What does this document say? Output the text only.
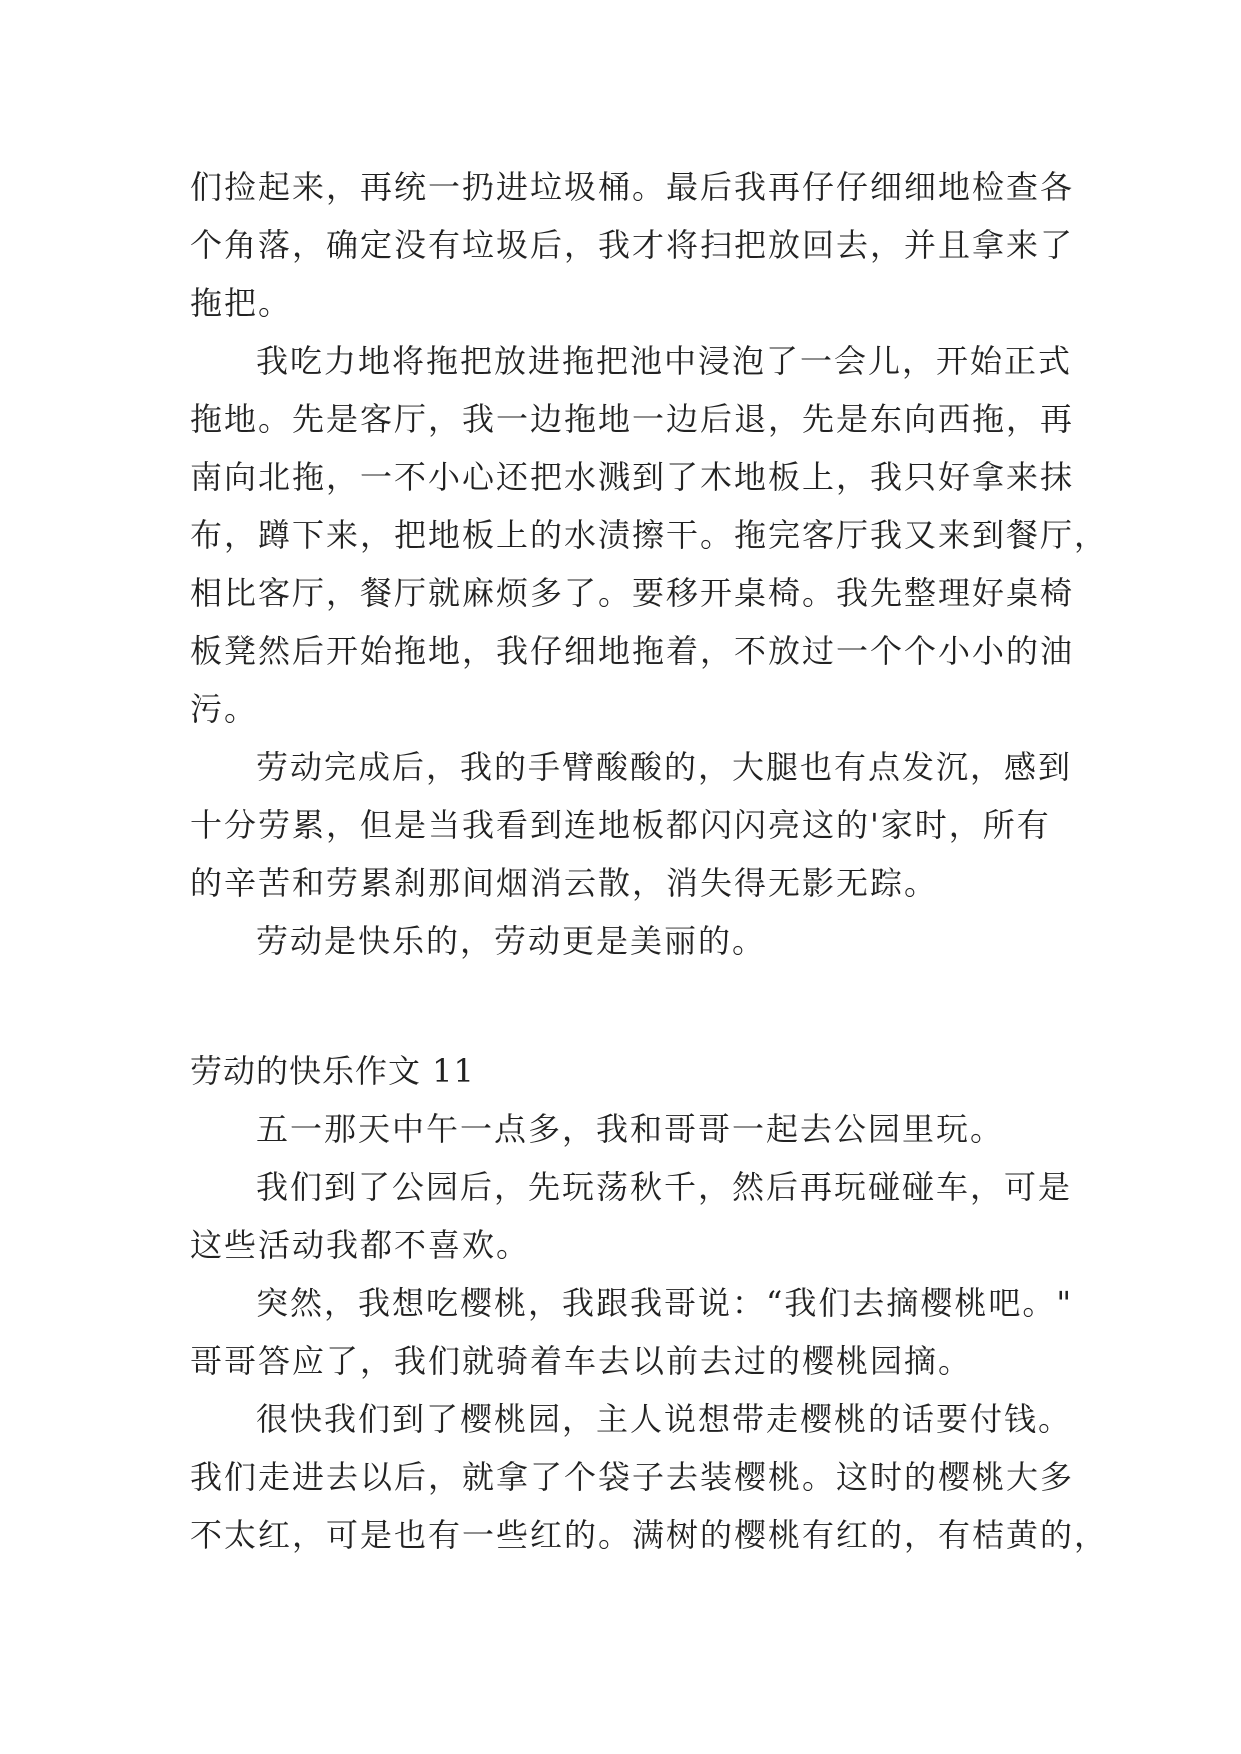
们捡起来，再统一扔进垃圾桶。最后我再仔仔细细地检查各
个角落，确定没有垃圾后，我才将扫把放回去，并且拿来了
拖把。
我吃力地将拖把放进拖把池中浸泡了一会儿，开始正式
拖地。先是客厅，我一边拖地一边后退，先是东向西拖，再
南向北拖，一不小心还把水溅到了木地板上，我只好拿来抹
布，蹲下来，把地板上的水渍擦干。拖完客厅我又来到餐厅，
相比客厅，餐厅就麻烦多了。要移开桌椅。我先整理好桌椅
板凳然后开始拖地，我仔细地拖着，不放过一个个小小的油
污。
劳动完成后，我的手臂酸酸的，大腿也有点发沉，感到
十分劳累，但是当我看到连地板都闪闪亮这的'家时，所有
的辛苦和劳累刹那间烟消云散，消失得无影无踪。
劳动是快乐的，劳动更是美丽的。
劳动的快乐作文 11
五一那天中午一点多，我和哥哥一起去公园里玩。
我们到了公园后，先玩荡秋千，然后再玩碰碰车，可是
这些活动我都不喜欢。
突然，我想吃樱桃，我跟我哥说：“我们去摘樱桃吧。"
哥哥答应了，我们就骑着车去以前去过的樱桃园摘。
很快我们到了樱桃园，主人说想带走樱桃的话要付钱。
我们走进去以后，就拿了个袋子去装樱桃。这时的樱桃大多
不太红，可是也有一些红的。满树的樱桃有红的，有桔黄的，
